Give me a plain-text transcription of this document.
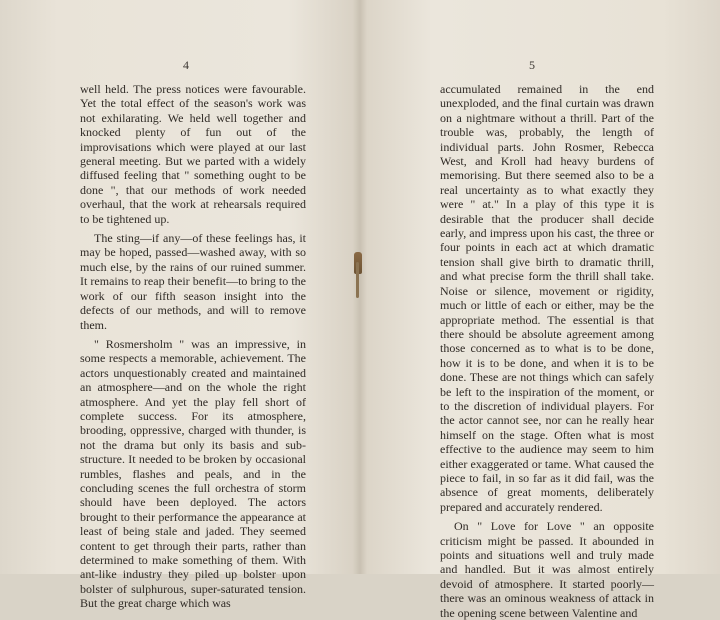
4

well held. The press notices were favourable. Yet the total effect of the season's work was not exhilarating. We held well together and knocked plenty of fun out of the improvisations which were played at our last general meeting. But we parted with a widely diffused feeling that " something ought to be done ", that our methods of work needed overhaul, that the work at rehearsals required to be tightened up.

The sting—if any—of these feelings has, it may be hoped, passed—washed away, with so much else, by the rains of our ruined summer. It remains to reap their benefit—to bring to the work of our fifth season insight into the defects of our methods, and will to remove them.

" Rosmersholm " was an impressive, in some respects a memorable, achievement. The actors unquestionably created and maintained an atmosphere—and on the whole the right atmosphere. And yet the play fell short of complete success. For its atmosphere, brooding, oppressive, charged with thunder, is not the drama but only its basis and sub-structure. It needed to be broken by occasional rumbles, flashes and peals, and in the concluding scenes the full orchestra of storm should have been deployed. The actors brought to their performance the appearance at least of being stale and jaded. They seemed content to get through their parts, rather than determined to make something of them. With ant-like industry they piled up bolster upon bolster of sulphurous, super-saturated tension. But the great charge which was

5

accumulated remained in the end unexploded, and the final curtain was drawn on a nightmare without a thrill. Part of the trouble was, probably, the length of individual parts. John Rosmer, Rebecca West, and Kroll had heavy burdens of memorising. But there seemed also to be a real uncertainty as to what exactly they were " at." In a play of this type it is desirable that the producer shall decide early, and impress upon his cast, the three or four points in each act at which dramatic tension shall give birth to dramatic thrill, and what precise form the thrill shall take. Noise or silence, movement or rigidity, much or little of each or either, may be the appropriate method. The essential is that there should be absolute agreement among those concerned as to what is to be done, how it is to be done, and when it is to be done. These are not things which can safely be left to the inspiration of the moment, or to the discretion of individual players. For the actor cannot see, nor can he really hear himself on the stage. Often what is most effective to the audience may seem to him either exaggerated or tame. What caused the piece to fail, in so far as it did fail, was the absence of great moments, deliberately prepared and accurately rendered.

On " Love for Love " an opposite criticism might be passed. It abounded in points and situations well and truly made and handled. But it was almost entirely devoid of atmosphere. It started poorly—there was an ominous weakness of attack in the opening scene between Valentine and
